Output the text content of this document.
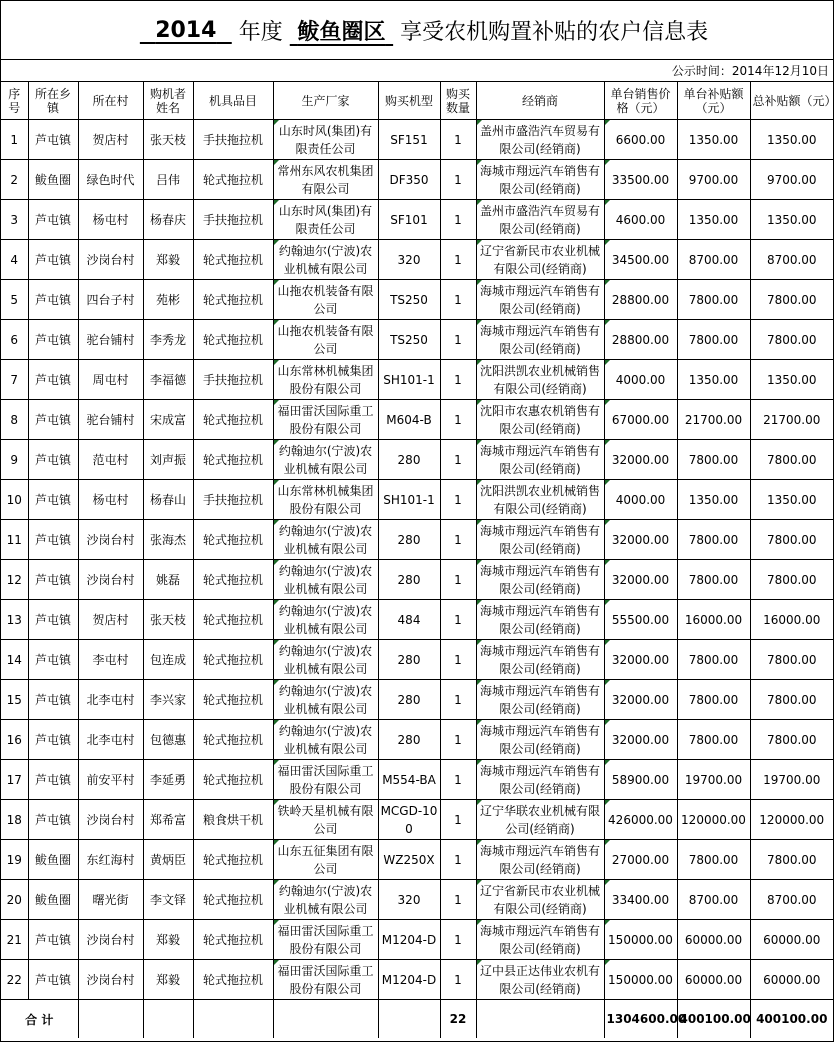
2014
	年度
鲅鱼圈区
享受农机购置补贴的农户信息表
公示时间：2014年12月10日
序号	所在乡镇	所在村	购机者姓名	机具品目	生产厂家	购买机型	购买数量	经销商	单台销售价格（元）	单台补贴额（元）	总补贴额（元）
1	芦屯镇	贺店村	张天枝	手扶拖拉机	山东时风(集团)有限责任公司	SF151	1	盖州市盛浩汽车贸易有限公司(经销商)	6600.00	1350.00	1350.00
2	鲅鱼圈	绿色时代	吕伟	轮式拖拉机	常州东风农机集团有限公司	DF350	1	海城市翔远汽车销售有限公司(经销商)	33500.00	9700.00	9700.00
3	芦屯镇	杨屯村	杨春庆	手扶拖拉机	山东时风(集团)有限责任公司	SF101	1	盖州市盛浩汽车贸易有限公司(经销商)	4600.00	1350.00	1350.00
4	芦屯镇	沙岗台村	郑毅	轮式拖拉机	约翰迪尔(宁波)农业机械有限公司	320	1	辽宁省新民市农业机械有限公司(经销商)	34500.00	8700.00	8700.00
5	芦屯镇	四台子村	苑彬	轮式拖拉机	山拖农机装备有限公司	TS250	1	海城市翔远汽车销售有限公司(经销商)	28800.00	7800.00	7800.00
6	芦屯镇	驼台铺村	李秀龙	轮式拖拉机	山拖农机装备有限公司	TS250	1	海城市翔远汽车销售有限公司(经销商)	28800.00	7800.00	7800.00
7	芦屯镇	周屯村	李福德	手扶拖拉机	山东常林机械集团股份有限公司	SH101-1	1	沈阳洪凯农业机械销售有限公司(经销商)	4000.00	1350.00	1350.00
8	芦屯镇	驼台铺村	宋成富	轮式拖拉机	福田雷沃国际重工股份有限公司	M604-B	1	沈阳市农惠农机销售有限公司(经销商)	67000.00	21700.00	21700.00
9	芦屯镇	范屯村	刘声振	轮式拖拉机	约翰迪尔(宁波)农业机械有限公司	280	1	海城市翔远汽车销售有限公司(经销商)	32000.00	7800.00	7800.00
10	芦屯镇	杨屯村	杨春山	手扶拖拉机	山东常林机械集团股份有限公司	SH101-1	1	沈阳洪凯农业机械销售有限公司(经销商)	4000.00	1350.00	1350.00
11	芦屯镇	沙岗台村	张海杰	轮式拖拉机	约翰迪尔(宁波)农业机械有限公司	280	1	海城市翔远汽车销售有限公司(经销商)	32000.00	7800.00	7800.00
12	芦屯镇	沙岗台村	姚磊	轮式拖拉机	约翰迪尔(宁波)农业机械有限公司	280	1	海城市翔远汽车销售有限公司(经销商)	32000.00	7800.00	7800.00
13	芦屯镇	贺店村	张天枝	轮式拖拉机	约翰迪尔(宁波)农业机械有限公司	484	1	海城市翔远汽车销售有限公司(经销商)	55500.00	16000.00	16000.00
14	芦屯镇	李屯村	包连成	轮式拖拉机	约翰迪尔(宁波)农业机械有限公司	280	1	海城市翔远汽车销售有限公司(经销商)	32000.00	7800.00	7800.00
15	芦屯镇	北李屯村	李兴家	轮式拖拉机	约翰迪尔(宁波)农业机械有限公司	280	1	海城市翔远汽车销售有限公司(经销商)	32000.00	7800.00	7800.00
16	芦屯镇	北李屯村	包德惠	轮式拖拉机	约翰迪尔(宁波)农业机械有限公司	280	1	海城市翔远汽车销售有限公司(经销商)	32000.00	7800.00	7800.00
17	芦屯镇	前安平村	李延勇	轮式拖拉机	福田雷沃国际重工股份有限公司	M554-BA	1	海城市翔远汽车销售有限公司(经销商)	58900.00	19700.00	19700.00
18	芦屯镇	沙岗台村	郑希富	粮食烘干机	铁岭天星机械有限公司	MCGD-100	1	辽宁华联农业机械有限公司(经销商)	426000.00	120000.00	120000.00
19	鲅鱼圈	东红海村	黄炳臣	轮式拖拉机	山东五征集团有限公司	WZ250X	1	海城市翔远汽车销售有限公司(经销商)	27000.00	7800.00	7800.00
20	鲅鱼圈	曙光街	李文铎	轮式拖拉机	约翰迪尔(宁波)农业机械有限公司	320	1	辽宁省新民市农业机械有限公司(经销商)	33400.00	8700.00	8700.00
21	芦屯镇	沙岗台村	郑毅	轮式拖拉机	福田雷沃国际重工股份有限公司	M1204-D	1	海城市翔远汽车销售有限公司(经销商)	150000.00	60000.00	60000.00
22	芦屯镇	沙岗台村	郑毅	轮式拖拉机	福田雷沃国际重工股份有限公司	M1204-D	1	辽中县正达伟业农机有限公司(经销商)	150000.00	60000.00	60000.00
合 计							22		1304600.00	400100.00	400100.00
